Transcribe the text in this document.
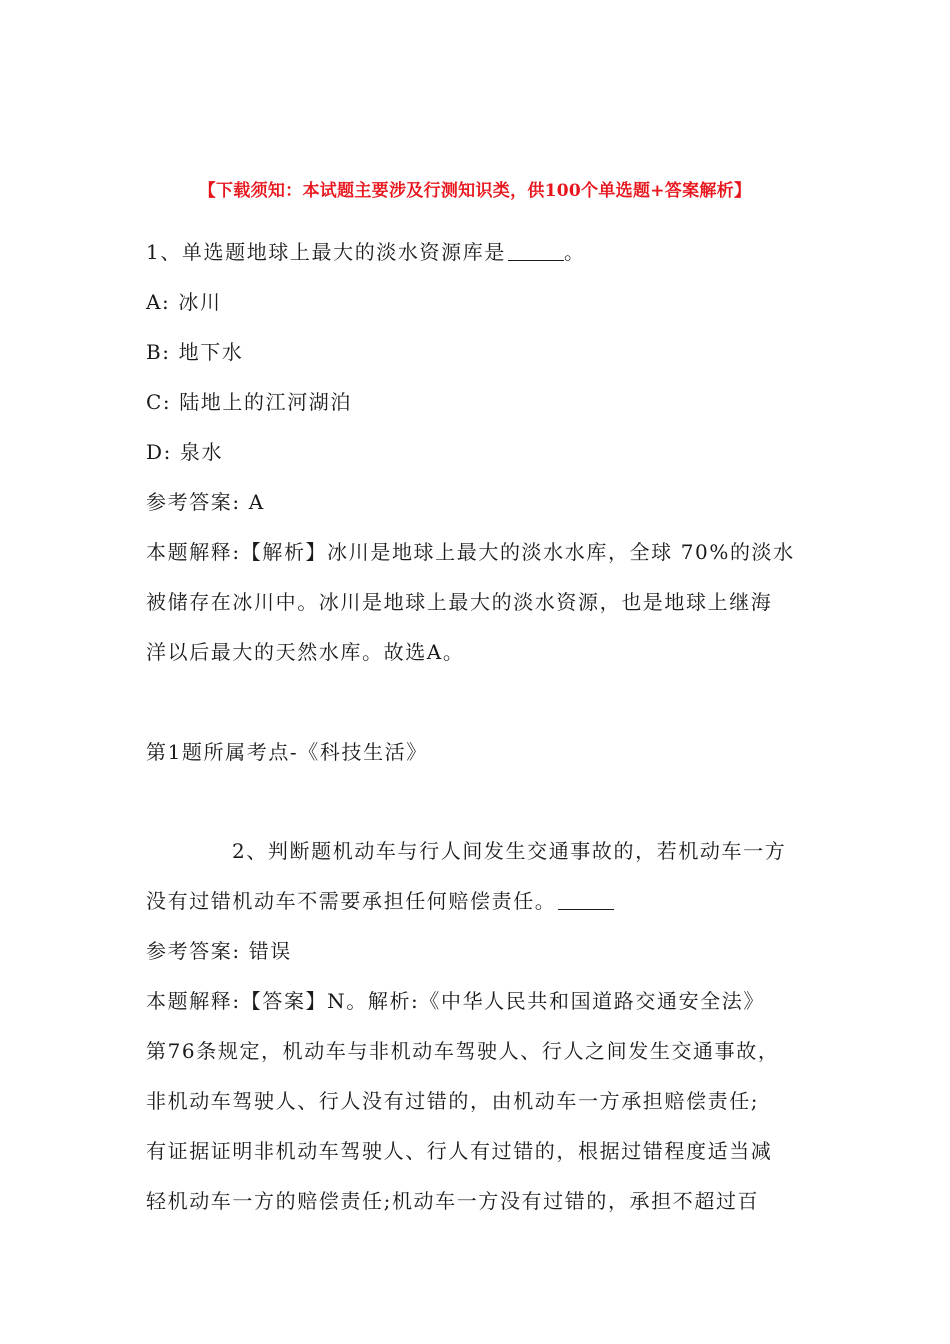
【下载须知：本试题主要涉及行测知识类，供100个单选题+答案解析】
1、单选题地球上最大的淡水资源库是	。
A: 冰川
B: 地下水
C: 陆地上的江河湖泊
D: 泉水
参考答案: A
本题解释:【解析】冰川是地球上最大的淡水水库，全球 70%的淡水
被储存在冰川中。冰川是地球上最大的淡水资源，也是地球上继海
洋以后最大的天然水库。故选A。
第1题所属考点-《科技生活》
2、判断题机动车与行人间发生交通事故的，若机动车一方
没有过错机动车不需要承担任何赔偿责任。
参考答案: 错误
本题解释:【答案】N。解析:《中华人民共和国道路交通安全法》
第76条规定，机动车与非机动车驾驶人、行人之间发生交通事故，
非机动车驾驶人、行人没有过错的，由机动车一方承担赔偿责任;
有证据证明非机动车驾驶人、行人有过错的，根据过错程度适当减
轻机动车一方的赔偿责任;机动车一方没有过错的，承担不超过百
